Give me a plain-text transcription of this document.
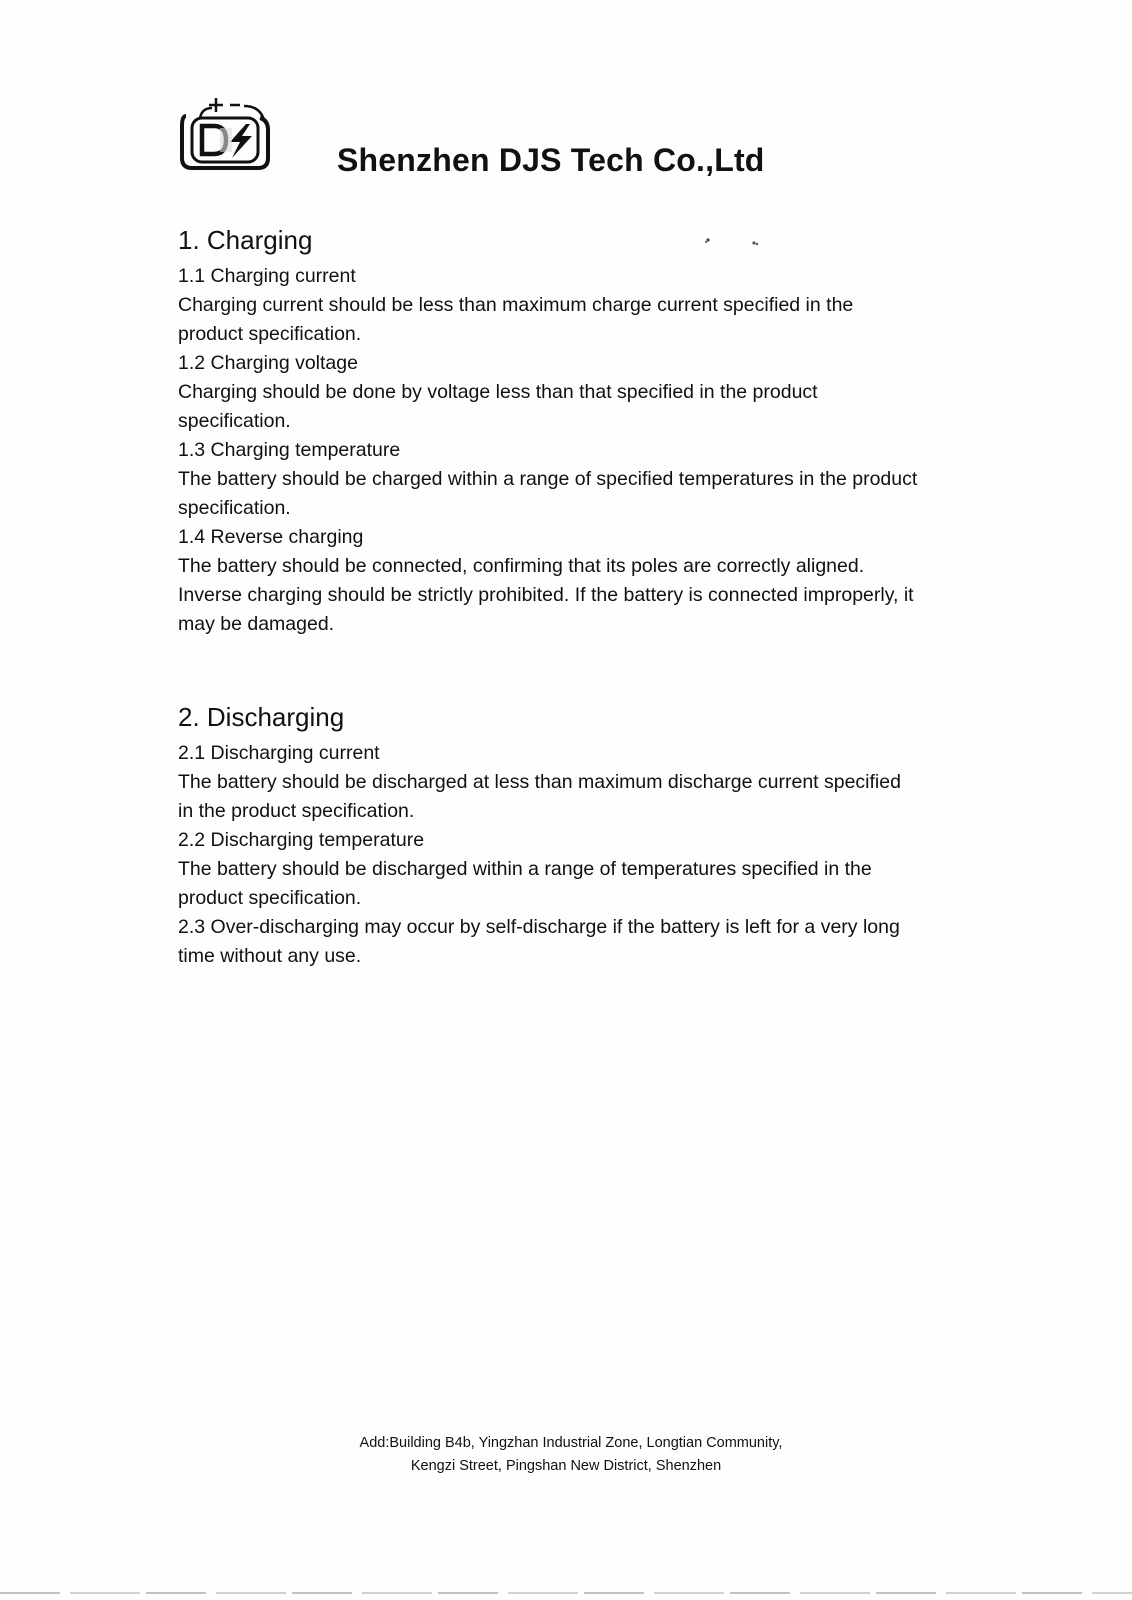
Shenzhen DJS Tech Co.,Ltd
1. Charging

1.1 Charging current

Charging current should be less than maximum charge current specified in the

product specification.

1.2 Charging voltage

Charging should be done by voltage less than that specified in the product

specification.

1.3 Charging temperature

The battery should be charged within a range of specified temperatures in the product

specification.

1.4 Reverse charging

The battery should be connected, confirming that its poles are correctly aligned.

Inverse charging should be strictly prohibited. If the battery is connected improperly, it

may be damaged.

2. Discharging

2.1 Discharging current

The battery should be discharged at less than maximum discharge current specified

in the product specification.

2.2 Discharging temperature

The battery should be discharged within a range of temperatures specified in the

product specification.

2.3 Over-discharging may occur by self-discharge if the battery is left for a very long

time without any use.

Add:Building B4b, Yingzhan Industrial Zone, Longtian Community,
Kengzi Street, Pingshan New District, Shenzhen
